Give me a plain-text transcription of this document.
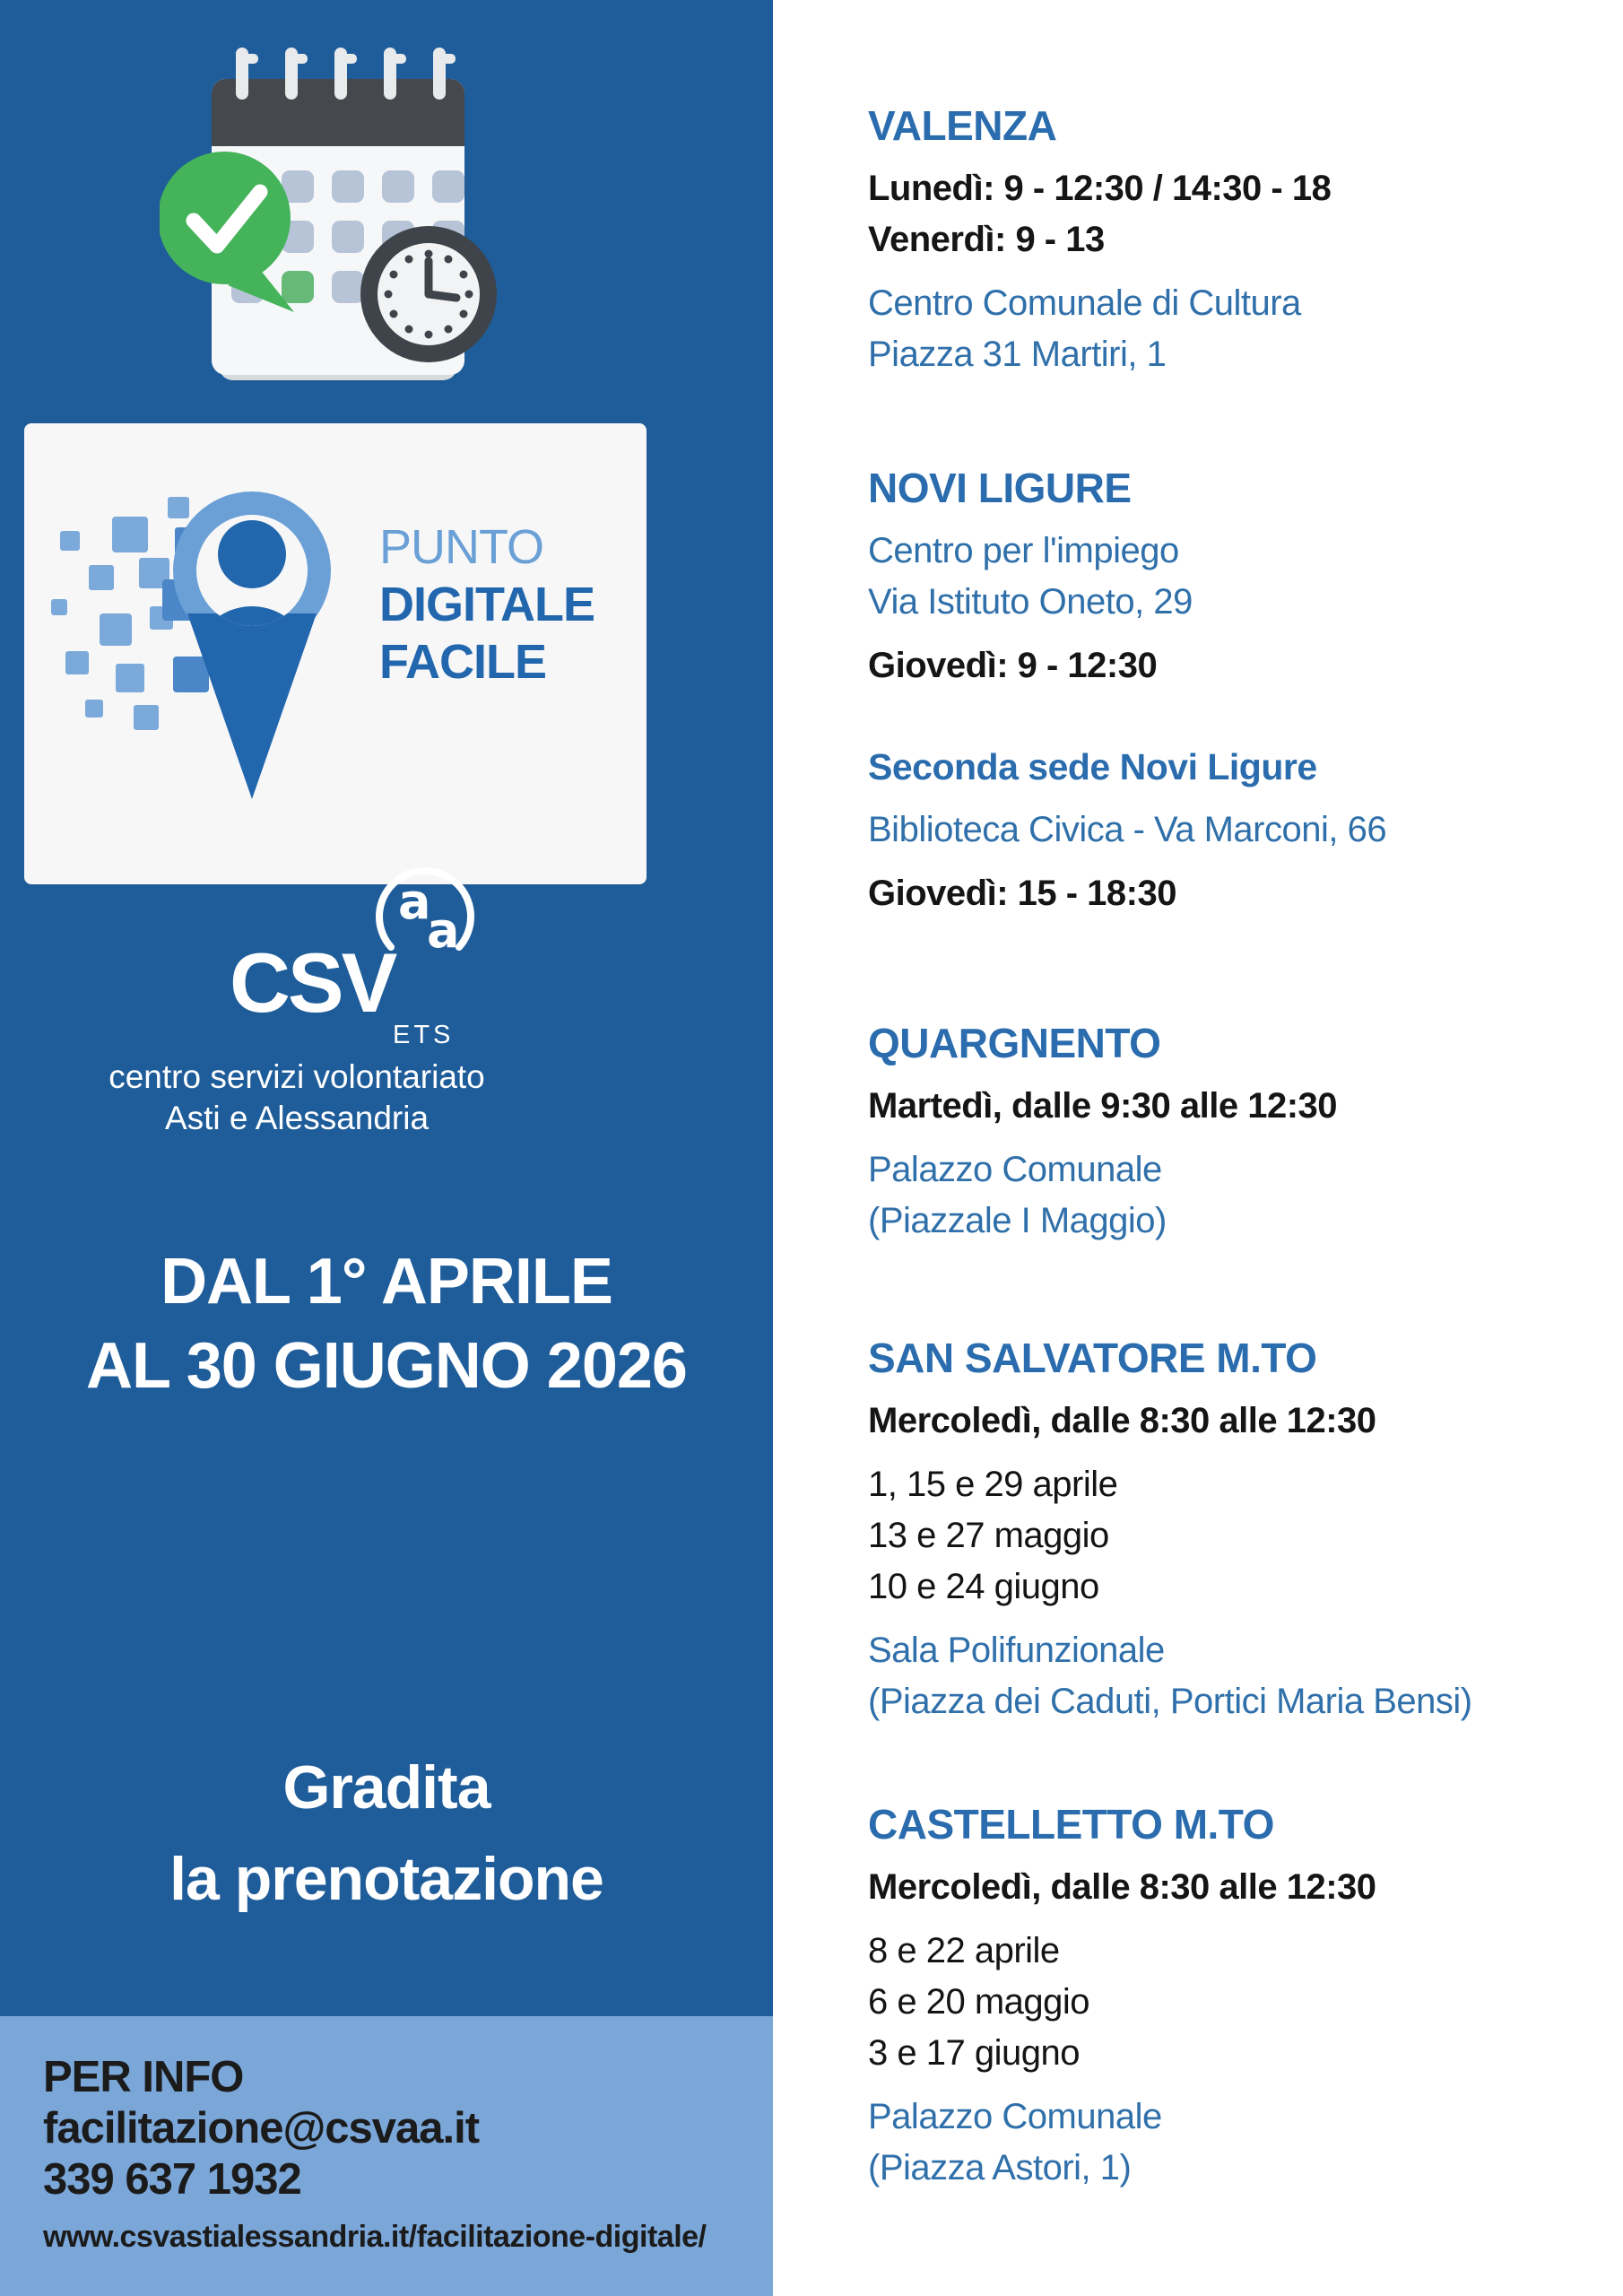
PUNTO
DIGITALE
FACILE
CSV
a
a
ETS
centro servizi volontariato
Asti e Alessandria
DAL 1° APRILE
AL 30 GIUGNO 2026
Gradita
la prenotazione
PER INFO
facilitazione@csvaa.it
339 637 1932
www.csvastialessandria.it/facilitazione-digitale/
VALENZA
Lunedì: 9 - 12:30 / 14:30 - 18
Venerdì: 9 - 13
Centro Comunale di Cultura
Piazza 31 Martiri, 1
NOVI LIGURE
Centro per l'impiego
Via Istituto Oneto, 29
Giovedì: 9 - 12:30
Seconda sede Novi Ligure
Biblioteca Civica - Va Marconi, 66
Giovedì: 15 - 18:30
QUARGNENTO
Martedì, dalle 9:30 alle 12:30
Palazzo Comunale
(Piazzale I Maggio)
SAN SALVATORE M.TO
Mercoledì, dalle 8:30 alle 12:30
1, 15 e 29 aprile
13 e 27 maggio
10 e 24 giugno
Sala Polifunzionale
(Piazza dei Caduti, Portici Maria Bensi)
CASTELLETTO M.TO
Mercoledì, dalle 8:30 alle 12:30
8 e 22 aprile
6 e 20 maggio
3 e 17 giugno
Palazzo Comunale
(Piazza Astori, 1)
